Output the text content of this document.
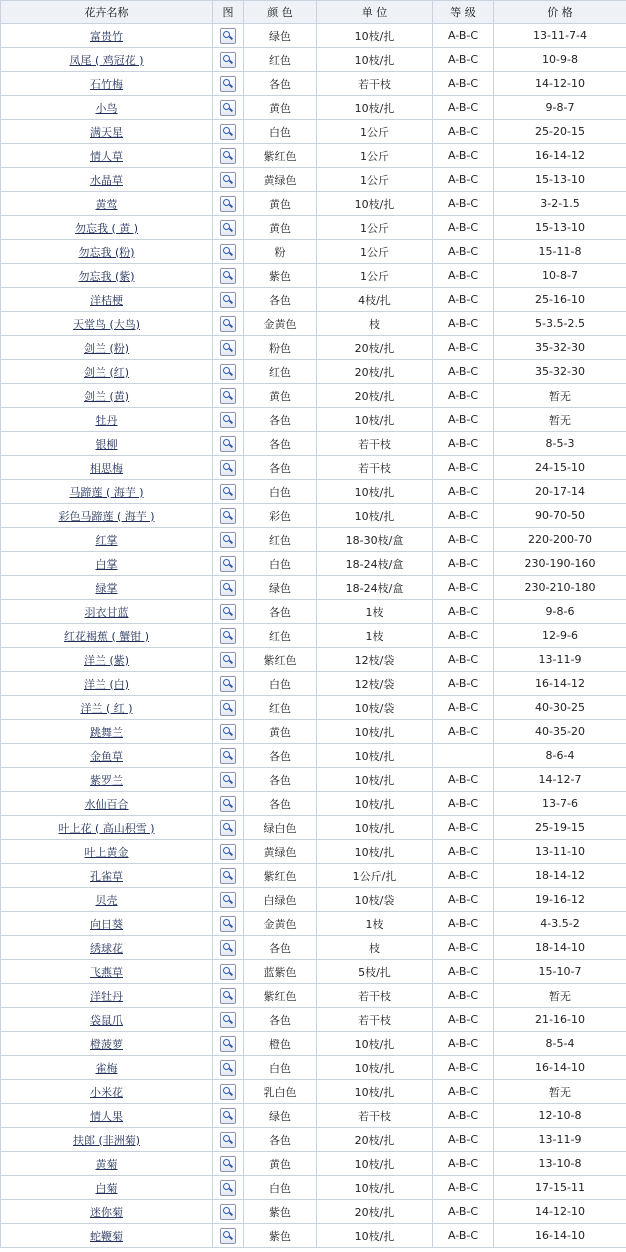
花卉名称	图	颜 色	单 位	等 级	价 格
富贵竹		绿色	10枝/扎	A-B-C	13-11-7-4
凤尾 ( 鸡冠花 )		红色	10枝/扎	A-B-C	10-9-8
石竹梅		各色	若干枝	A-B-C	14-12-10
小鸟		黄色	10枝/扎	A-B-C	9-8-7
满天星		白色	1公斤	A-B-C	25-20-15
情人草		紫红色	1公斤	A-B-C	16-14-12
水晶草		黄绿色	1公斤	A-B-C	15-13-10
黄莺		黄色	10枝/扎	A-B-C	3-2-1.5
勿忘我 ( 黄 )		黄色	1公斤	A-B-C	15-13-10
勿忘我 (粉)		粉	1公斤	A-B-C	15-11-8
勿忘我 (紫)		紫色	1公斤	A-B-C	10-8-7
洋桔梗		各色	4枝/扎	A-B-C	25-16-10
天堂鸟 (大鸟)		金黄色	枝	A-B-C	5-3.5-2.5
剑兰 (粉)		粉色	20枝/扎	A-B-C	35-32-30
剑兰 (红)		红色	20枝/扎	A-B-C	35-32-30
剑兰 (黄)		黄色	20枝/扎	A-B-C	暂无
牡丹		各色	10枝/扎	A-B-C	暂无
银柳		各色	若干枝	A-B-C	8-5-3
相思梅		各色	若干枝	A-B-C	24-15-10
马蹄莲 ( 海芋 )		白色	10枝/扎	A-B-C	20-17-14
彩色马蹄莲 ( 海芋 )		彩色	10枝/扎	A-B-C	90-70-50
红掌		红色	18-30枝/盒	A-B-C	220-200-70
白掌		白色	18-24枝/盒	A-B-C	230-190-160
绿掌		绿色	18-24枝/盒	A-B-C	230-210-180
羽衣甘蓝		各色	1枝	A-B-C	9-8-6
红花褐蕉 ( 蟹钳 )		红色	1枝	A-B-C	12-9-6
洋兰 (紫)		紫红色	12枝/袋	A-B-C	13-11-9
洋兰 (白)		白色	12枝/袋	A-B-C	16-14-12
洋兰 ( 红 )		红色	10枝/袋	A-B-C	40-30-25
跳舞兰		黄色	10枝/扎	A-B-C	40-35-20
金鱼草		各色	10枝/扎		8-6-4
紫罗兰		各色	10枝/扎	A-B-C	14-12-7
水仙百合		各色	10枝/扎	A-B-C	13-7-6
叶上花 ( 高山积雪 )		绿白色	10枝/扎	A-B-C	25-19-15
叶上黄金		黄绿色	10枝/扎	A-B-C	13-11-10
孔雀草		紫红色	1公斤/扎	A-B-C	18-14-12
贝壳		白绿色	10枝/袋	A-B-C	19-16-12
向日葵		金黄色	1枝	A-B-C	4-3.5-2
绣球花		各色	枝	A-B-C	18-14-10
飞燕草		蓝紫色	5枝/扎	A-B-C	15-10-7
洋牡丹		紫红色	若干枝	A-B-C	暂无
袋鼠爪		各色	若干枝	A-B-C	21-16-10
橙菠萝		橙色	10枝/扎	A-B-C	8-5-4
雀梅		白色	10枝/扎	A-B-C	16-14-10
小米花		乳白色	10枝/扎	A-B-C	暂无
情人果		绿色	若干枝	A-B-C	12-10-8
扶郎 (非洲菊)		各色	20枝/扎	A-B-C	13-11-9
黄菊		黄色	10枝/扎	A-B-C	13-10-8
白菊		白色	10枝/扎	A-B-C	17-15-11
迷你菊		紫色	20枝/扎	A-B-C	14-12-10
蛇鞭菊		紫色	10枝/扎	A-B-C	16-14-10
